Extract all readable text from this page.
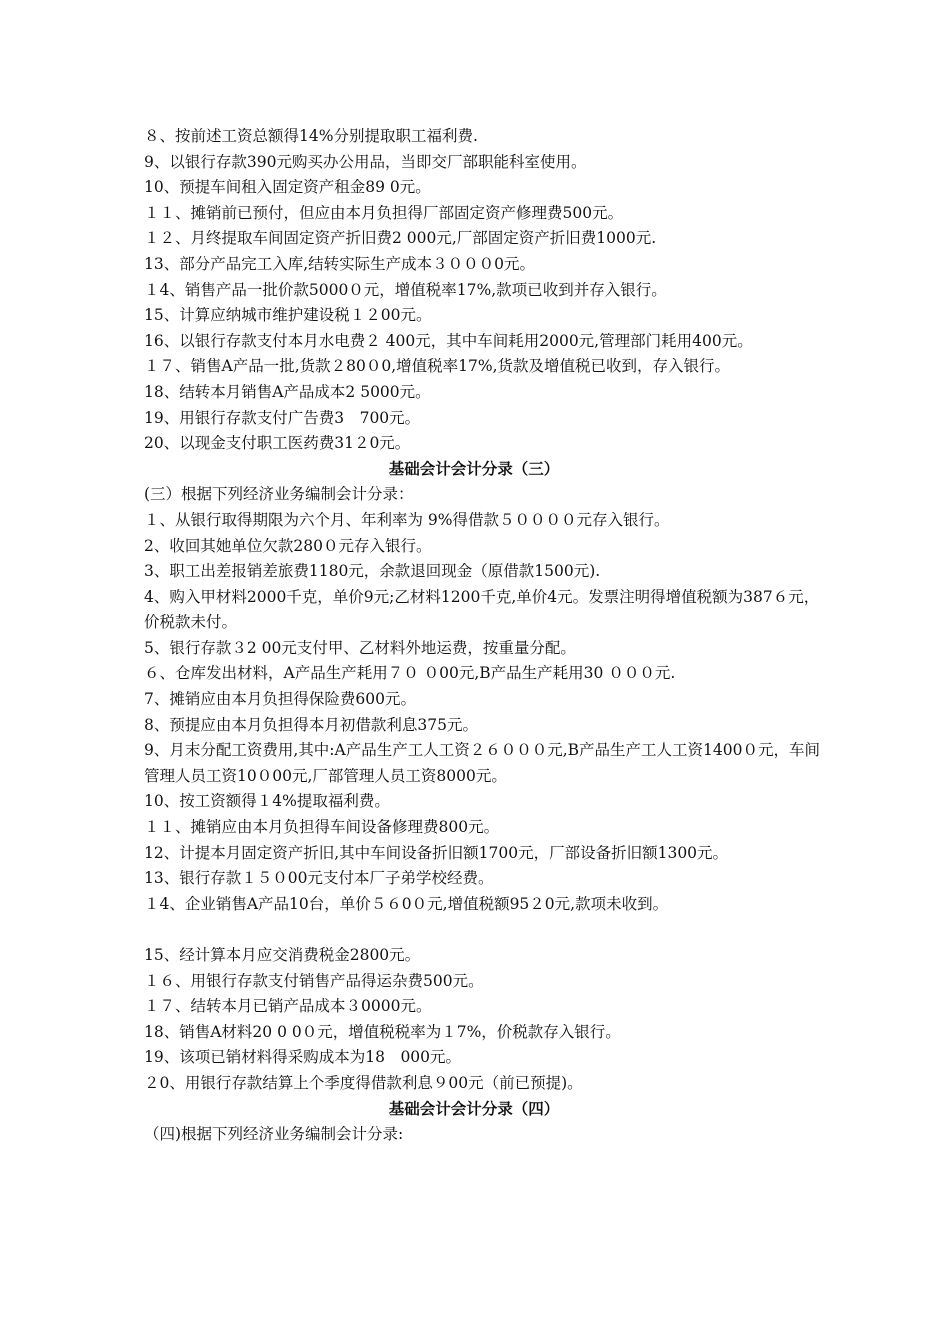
８、按前述工资总额得14%分别提取职工福利费.
9、以银行存款390元购买办公用品，当即交厂部职能科室使用。
10、预提车间租入固定资产租金89 0元。
１１、摊销前已预付，但应由本月负担得厂部固定资产修理费500元。
１２、月终提取车间固定资产折旧费2 000元,厂部固定资产折旧费1000元.
13、部分产品完工入库,结转实际生产成本３０００0元。
１4、销售产品一批价款5000０元，增值税率17%,款项已收到并存入银行。
15、计算应纳城市维护建设税１２00元。
16、以银行存款支付本月水电费２ 400元，其中车间耗用2000元,管理部门耗用400元。
１７、销售A产品一批,货款２80０0,增值税率17%,货款及增值税已收到，存入银行。
18、结转本月销售A产品成本2 5000元。
19、用银行存款支付广告费3　700元。
20、以现金支付职工医药费31２0元。
基础会计会计分录（三）
(三）根据下列经济业务编制会计分录：
１、从银行取得期限为六个月、年利率为 9%得借款５００００元存入银行。
2、收回其她单位欠款280０元存入银行。
3、职工出差报销差旅费1180元，余款退回现金（原借款1500元).
4、购入甲材料2000千克，单价9元;乙材料1200千克,单价4元。发票注明得增值税额为387６元，价税款未付。
5、银行存款３2 00元支付甲、乙材料外地运费，按重量分配。
６、仓库发出材料，A产品生产耗用７０ ０00元,B产品生产耗用30 ０００元.
7、摊销应由本月负担得保险费600元。
8、预提应由本月负担得本月初借款利息375元。
9、月末分配工资费用,其中:A产品生产工人工资２６０００元,B产品生产工人工资1400０元，车间管理人员工资10０00元,厂部管理人员工资8000元。
10、按工资额得１4%提取福利费。
１１、摊销应由本月负担得车间设备修理费800元。
12、计提本月固定资产折旧,其中车间设备折旧额1700元，厂部设备折旧额1300元。
13、银行存款１５０00元支付本厂子弟学校经费。
１4、企业销售A产品10台，单价５６0０元,增值税额95２0元,款项未收到。
15、经计算本月应交消费税金2800元。
１６、用银行存款支付销售产品得运杂费500元。
１７、结转本月已销产品成本３0000元。
18、销售A材料20 0 0０元，增值税税率为１7%，价税款存入银行。
19、该项已销材料得采购成本为18　000元。
２0、用银行存款结算上个季度得借款利息９00元（前已预提)。
基础会计会计分录（四）
（四)根据下列经济业务编制会计分录:
